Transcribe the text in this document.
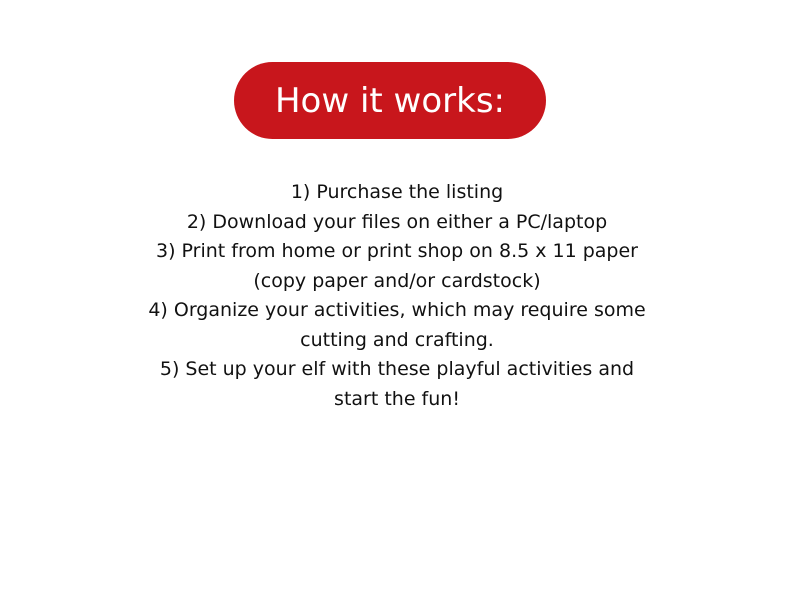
How it works:
1) Purchase the listing
2) Download your files on either a PC/laptop
3) Print from home or print shop on 8.5 x 11 paper
(copy paper and/or cardstock)
4) Organize your activities, which may require some
cutting and crafting.
5) Set up your elf with these playful activities and
start the fun!
